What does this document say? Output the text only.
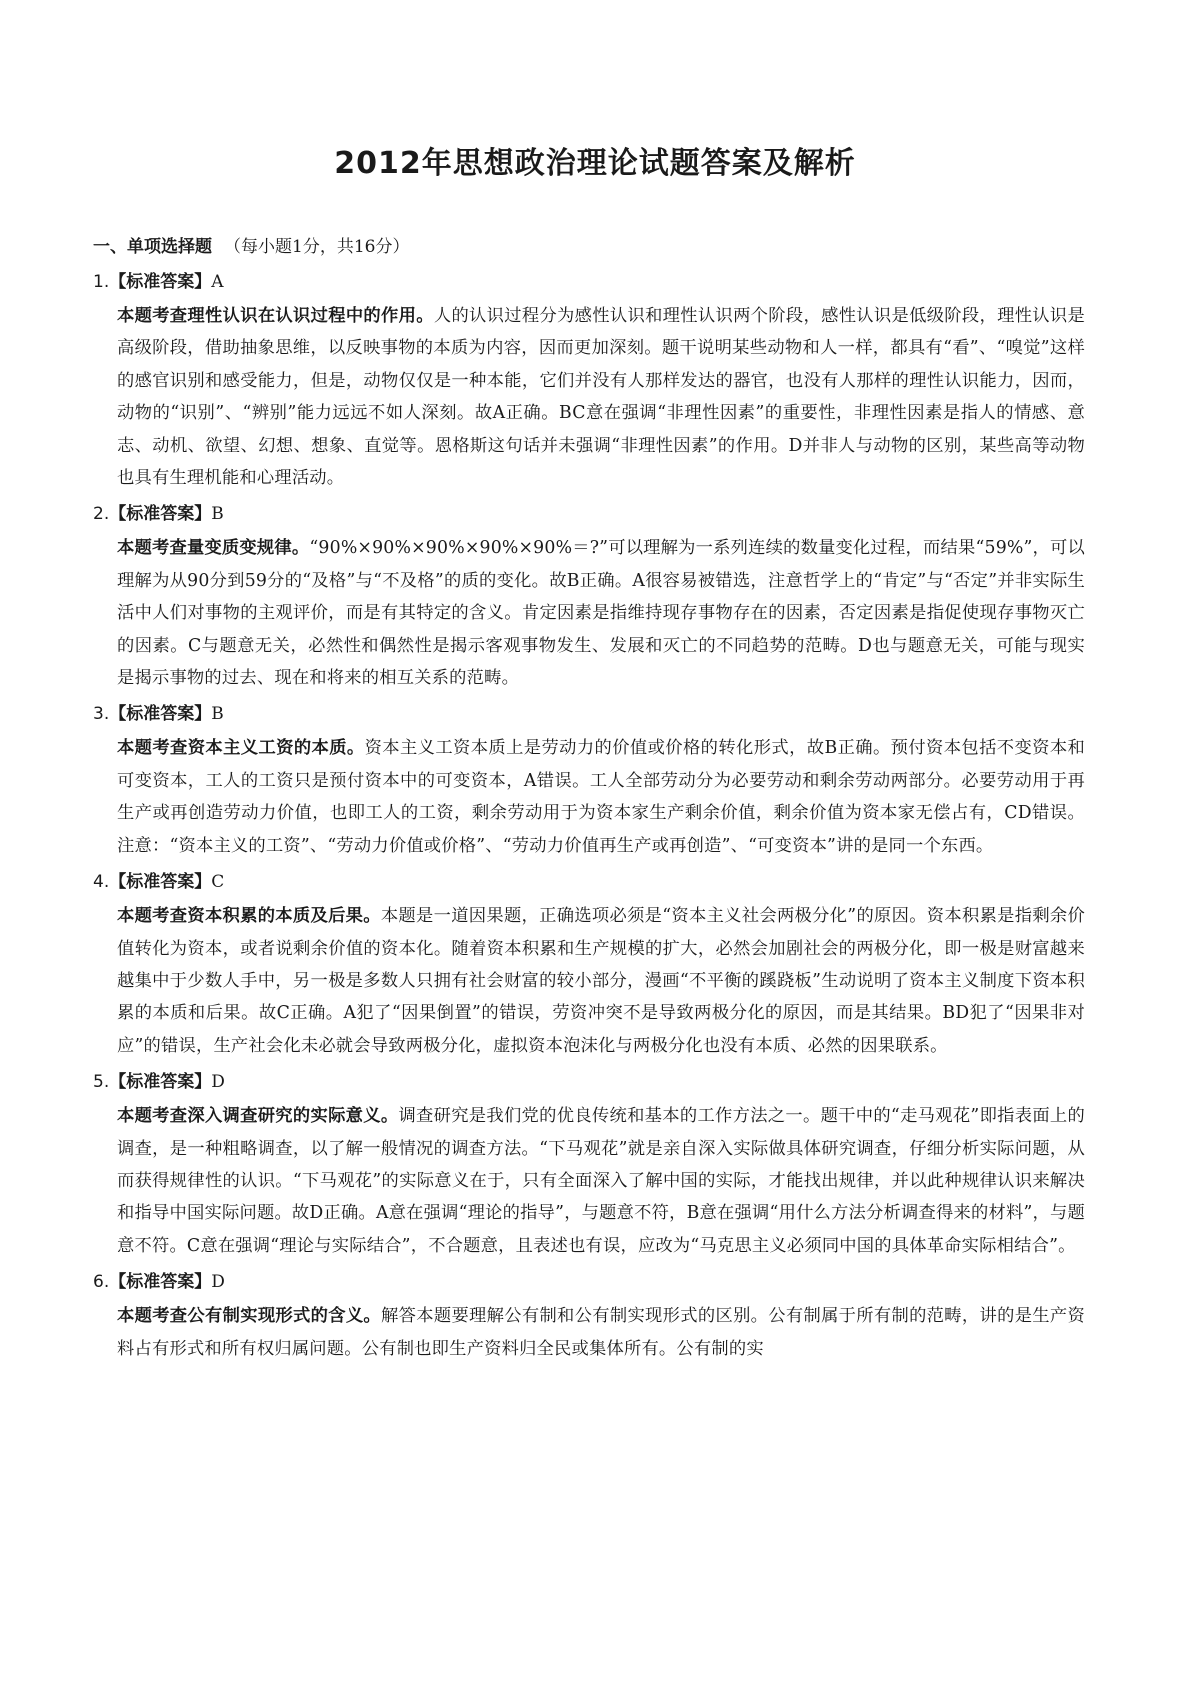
2012年思想政治理论试题答案及解析
一、单项选择题 （每小题1分，共16分）
1.【标准答案】A

本题考查理性认识在认识过程中的作用。人的认识过程分为感性认识和理性认识两个阶段，感性认识是低级阶段，理性认识是高级阶段，借助抽象思维，以反映事物的本质为内容，因而更加深刻。题干说明某些动物和人一样，都具有“看”、“嗅觉”这样的感官识别和感受能力，但是，动物仅仅是一种本能，它们并没有人那样发达的器官，也没有人那样的理性认识能力，因而，动物的“识别”、“辨别”能力远远不如人深刻。故A正确。BC意在强调“非理性因素”的重要性，非理性因素是指人的情感、意志、动机、欲望、幻想、想象、直觉等。恩格斯这句话并未强调“非理性因素”的作用。D并非人与动物的区别，某些高等动物也具有生理机能和心理活动。

2.【标准答案】B

本题考查量变质变规律。“90%×90%×90%×90%×90%＝?”可以理解为一系列连续的数量变化过程，而结果“59%”，可以理解为从90分到59分的“及格”与“不及格”的质的变化。故B正确。A很容易被错选，注意哲学上的“肯定”与“否定”并非实际生活中人们对事物的主观评价，而是有其特定的含义。肯定因素是指维持现存事物存在的因素，否定因素是指促使现存事物灭亡的因素。C与题意无关，必然性和偶然性是揭示客观事物发生、发展和灭亡的不同趋势的范畴。D也与题意无关，可能与现实是揭示事物的过去、现在和将来的相互关系的范畴。

3.【标准答案】B

本题考查资本主义工资的本质。资本主义工资本质上是劳动力的价值或价格的转化形式，故B正确。预付资本包括不变资本和可变资本，工人的工资只是预付资本中的可变资本，A错误。工人全部劳动分为必要劳动和剩余劳动两部分。必要劳动用于再生产或再创造劳动力价值，也即工人的工资，剩余劳动用于为资本家生产剩余价值，剩余价值为资本家无偿占有，CD错误。注意：“资本主义的工资”、“劳动力价值或价格”、“劳动力价值再生产或再创造”、“可变资本”讲的是同一个东西。

4.【标准答案】C

本题考查资本积累的本质及后果。本题是一道因果题，正确选项必须是“资本主义社会两极分化”的原因。资本积累是指剩余价值转化为资本，或者说剩余价值的资本化。随着资本积累和生产规模的扩大，必然会加剧社会的两极分化，即一极是财富越来越集中于少数人手中，另一极是多数人只拥有社会财富的较小部分，漫画“不平衡的蹊跷板”生动说明了资本主义制度下资本积累的本质和后果。故C正确。A犯了“因果倒置”的错误，劳资冲突不是导致两极分化的原因，而是其结果。BD犯了“因果非对应”的错误，生产社会化未必就会导致两极分化，虚拟资本泡沫化与两极分化也没有本质、必然的因果联系。

5.【标准答案】D

本题考查深入调查研究的实际意义。调查研究是我们党的优良传统和基本的工作方法之一。题干中的“走马观花”即指表面上的调查，是一种粗略调查，以了解一般情况的调查方法。“下马观花”就是亲自深入实际做具体研究调查，仔细分析实际问题，从而获得规律性的认识。“下马观花”的实际意义在于，只有全面深入了解中国的实际，才能找出规律，并以此种规律认识来解决和指导中国实际问题。故D正确。A意在强调“理论的指导”，与题意不符，B意在强调“用什么方法分析调查得来的材料”，与题意不符。C意在强调“理论与实际结合”，不合题意，且表述也有误，应改为“马克思主义必须同中国的具体革命实际相结合”。

6.【标准答案】D

本题考查公有制实现形式的含义。解答本题要理解公有制和公有制实现形式的区别。公有制属于所有制的范畴，讲的是生产资料占有形式和所有权归属问题。公有制也即生产资料归全民或集体所有。公有制的实
